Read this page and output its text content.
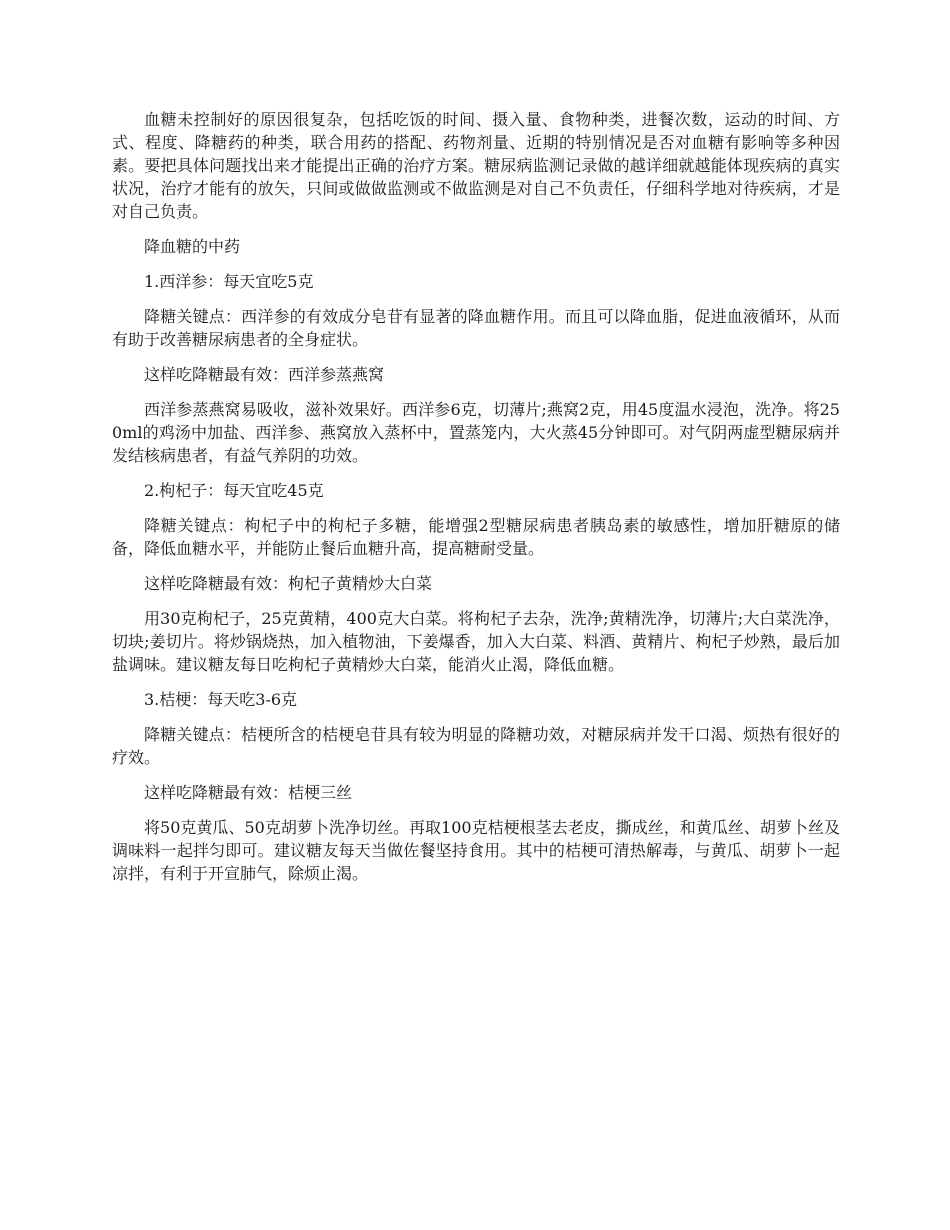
血糖未控制好的原因很复杂，包括吃饭的时间、摄入量、食物种类，进餐次数，运动的时间、方式、程度、降糖药的种类，联合用药的搭配、药物剂量、近期的特别情况是否对血糖有影响等多种因素。要把具体问题找出来才能提出正确的治疗方案。糖尿病监测记录做的越详细就越能体现疾病的真实状况，治疗才能有的放矢，只间或做做监测或不做监测是对自己不负责任，仔细科学地对待疾病，才是对自己负责。

降血糖的中药

1.西洋参：每天宜吃5克

降糖关键点：西洋参的有效成分皂苷有显著的降血糖作用。而且可以降血脂，促进血液循环，从而有助于改善糖尿病患者的全身症状。

这样吃降糖最有效：西洋参蒸燕窝

西洋参蒸燕窝易吸收，滋补效果好。西洋参6克，切薄片;燕窝2克，用45度温水浸泡，洗净。将250ml的鸡汤中加盐、西洋参、燕窝放入蒸杯中，置蒸笼内，大火蒸45分钟即可。对气阴两虚型糖尿病并发结核病患者，有益气养阴的功效。

2.枸杞子：每天宜吃45克

降糖关键点：枸杞子中的枸杞子多糖，能增强2型糖尿病患者胰岛素的敏感性，增加肝糖原的储备，降低血糖水平，并能防止餐后血糖升高，提高糖耐受量。

这样吃降糖最有效：枸杞子黄精炒大白菜

用30克枸杞子，25克黄精，400克大白菜。将枸杞子去杂，洗净;黄精洗净，切薄片;大白菜洗净，切块;姜切片。将炒锅烧热，加入植物油，下姜爆香，加入大白菜、料酒、黄精片、枸杞子炒熟，最后加盐调味。建议糖友每日吃枸杞子黄精炒大白菜，能消火止渴，降低血糖。

3.桔梗：每天吃3-6克

降糖关键点：桔梗所含的桔梗皂苷具有较为明显的降糖功效，对糖尿病并发干口渴、烦热有很好的疗效。

这样吃降糖最有效：桔梗三丝

将50克黄瓜、50克胡萝卜洗净切丝。再取100克桔梗根茎去老皮，撕成丝，和黄瓜丝、胡萝卜丝及调味料一起拌匀即可。建议糖友每天当做佐餐坚持食用。其中的桔梗可清热解毒，与黄瓜、胡萝卜一起凉拌，有利于开宣肺气，除烦止渴。
